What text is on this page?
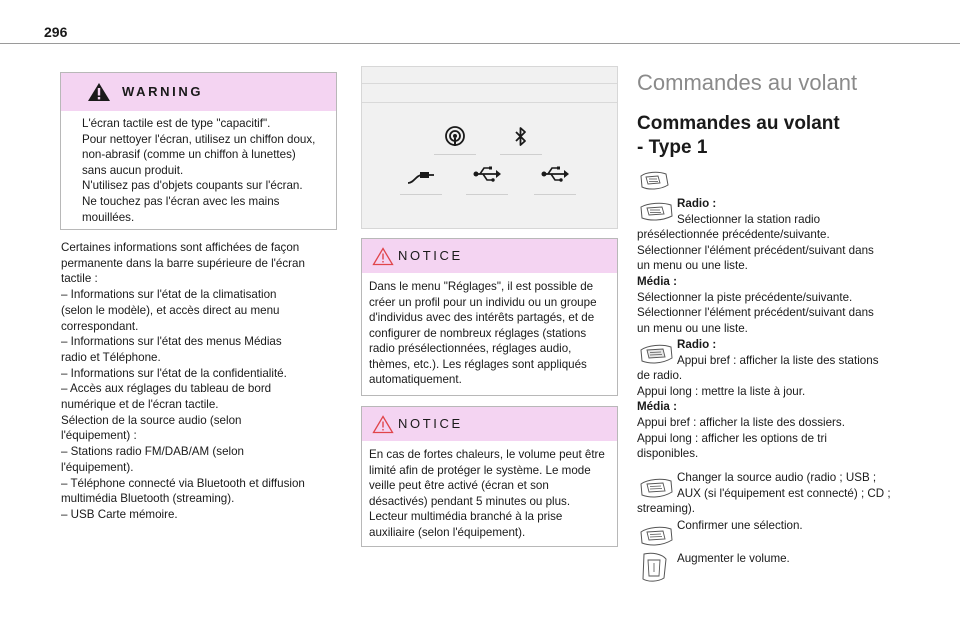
296
WARNING

L'écran tactile est de type "capacitif".

Pour nettoyer l'écran, utilisez un chiffon doux,

non-abrasif (comme un chiffon à lunettes)

sans aucun produit.

N'utilisez pas d'objets coupants sur l'écran.

Ne touchez pas l'écran avec les mains

mouillées.

Certaines informations sont affichées de façon

permanente dans la barre supérieure de l'écran

tactile :

– Informations sur l'état de la climatisation

(selon le modèle), et accès direct au menu

correspondant.

– Informations sur l'état des menus Médias

radio et Téléphone.

– Informations sur l'état de la confidentialité.

– Accès aux réglages du tableau de bord

numérique et de l'écran tactile.

Sélection de la source audio (selon

l'équipement) :

– Stations radio FM/DAB/AM (selon

l'équipement).

– Téléphone connecté via Bluetooth et diffusion

multimédia Bluetooth (streaming).

– USB Carte mémoire.

NOTICE

Dans le menu "Réglages", il est possible de

créer un profil pour un individu ou un groupe

d'individus avec des intérêts partagés, et de

configurer de nombreux réglages (stations

radio présélectionnées, réglages audio,

thèmes, etc.). Les réglages sont appliqués

automatiquement.

NOTICE

En cas de fortes chaleurs, le volume peut être

limité afin de protéger le système. Le mode

veille peut être activé (écran et son

désactivés) pendant 5 minutes ou plus.

Lecteur multimédia branché à la prise

auxiliaire (selon l'équipement).

Commandes au volant
Commandes au volant
- Type 1

Radio :

Sélectionner la station radio

présélectionnée précédente/suivante.

Sélectionner l'élément précédent/suivant dans

un menu ou une liste.

Média :

Sélectionner la piste précédente/suivante.

Sélectionner l'élément précédent/suivant dans

un menu ou une liste.

Radio :

Appui bref : afficher la liste des stations

de radio.

Appui long : mettre la liste à jour.

Média :

Appui bref : afficher la liste des dossiers.

Appui long : afficher les options de tri

disponibles.

Changer la source audio (radio ; USB ;

AUX (si l'équipement est connecté) ; CD ;

streaming).

Confirmer une sélection.

Augmenter le volume.
